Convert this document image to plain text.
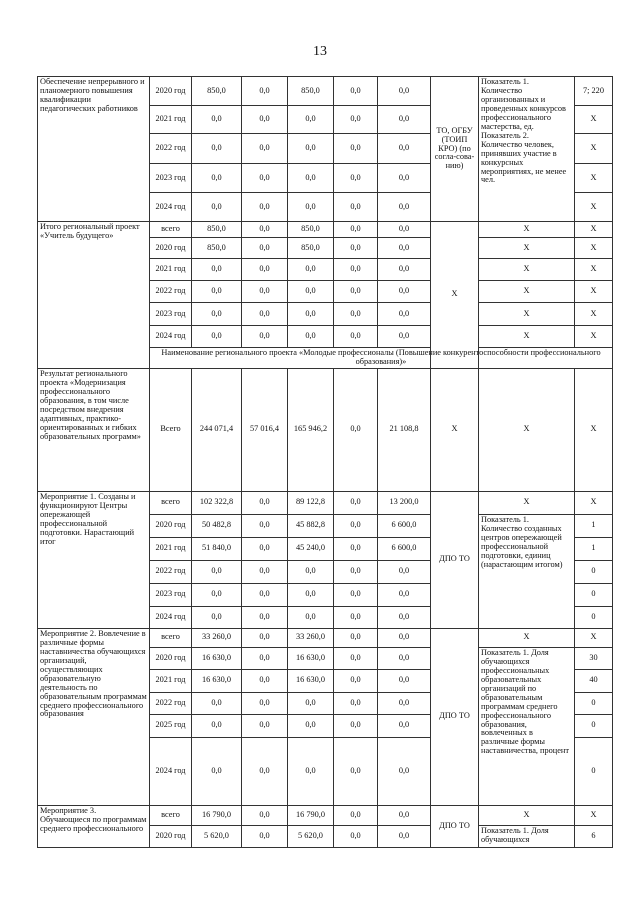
13
Обеспечение непрерывного и планомерного повышения квалификации педагогических работников	2020 год	850,0	0,0	850,0	0,0	0,0	ТО, ОГБУ (ТОИП КРО) (по согла-сова-нию)	Показатель 1. Количество организованных и проведенных конкурсов профессионального мастерства, ед. Показатель 2. Количество человек, принявших участие в конкурсных мероприятиях, не менее чел.	7; 220
	2021 год	0,0	0,0	0,0	0,0	0,0			X
	2022 год	0,0	0,0	0,0	0,0	0,0			X
	2023 год	0,0	0,0	0,0	0,0	0,0			X
	2024 год	0,0	0,0	0,0	0,0	0,0			X
Итого региональный проект «Учитель будущего»	всего	850,0	0,0	850,0	0,0	0,0	X	X	X
	2020 год	850,0	0,0	850,0	0,0	0,0		X	X
	2021 год	0,0	0,0	0,0	0,0	0,0		X	X
	2022 год	0,0	0,0	0,0	0,0	0,0		X	X
	2023 год	0,0	0,0	0,0	0,0	0,0		X	X
	2024 год	0,0	0,0	0,0	0,0	0,0		X	X
	Наименование регионального проекта «Молодые профессионалы (Повышение конкурентоспособности профессионального образования)»								
Результат регионального проекта «Модернизация профессионального образования, в том числе посредством внедрения адаптивных, практико-ориентированных и гибких образовательных программ»	Всего	244 071,4	57 016,4	165 946,2	0,0	21 108,8	X	X	X
Мероприятие 1. Созданы и функционируют Центры опережающей профессиональной подготовки. Нарастающий итог	всего	102 322,8	0,0	89 122,8	0,0	13 200,0	ДПО ТО	X	X
	2020 год	50 482,8	0,0	45 882,8	0,0	6 600,0		Показатель 1. Количество созданных центров опережающей профессиональной подготовки, единиц (нарастающим итогом)	1
	2021 год	51 840,0	0,0	45 240,0	0,0	6 600,0			1
	2022 год	0,0	0,0	0,0	0,0	0,0			0
	2023 год	0,0	0,0	0,0	0,0	0,0			0
	2024 год	0,0	0,0	0,0	0,0	0,0			0
Мероприятие 2. Вовлечение в различные формы наставничества обучающихся организаций, осуществляющих образовательную деятельность по образовательным программам среднего профессионального образования	всего	33 260,0	0,0	33 260,0	0,0	0,0	ДПО ТО	X	X
	2020 год	16 630,0	0,0	16 630,0	0,0	0,0		Показатель 1. Доля обучающихся профессиональных образовательных организаций по образовательным программам среднего профессионального образования, вовлеченных в различные формы наставничества, процент	30
	2021 год	16 630,0	0,0	16 630,0	0,0	0,0			40
	2022 год	0,0	0,0	0,0	0,0	0,0			0
	2025 год	0,0	0,0	0,0	0,0	0,0			0
	2024 год	0,0	0,0	0,0	0,0	0,0			0
Мероприятие 3. Обучающиеся по программам среднего профессионального	всего	16 790,0	0,0	16 790,0	0,0	0,0	ДПО ТО	X	X
	2020 год	5 620,0	0,0	5 620,0	0,0	0,0		Показатель 1. Доля обучающихся	6
